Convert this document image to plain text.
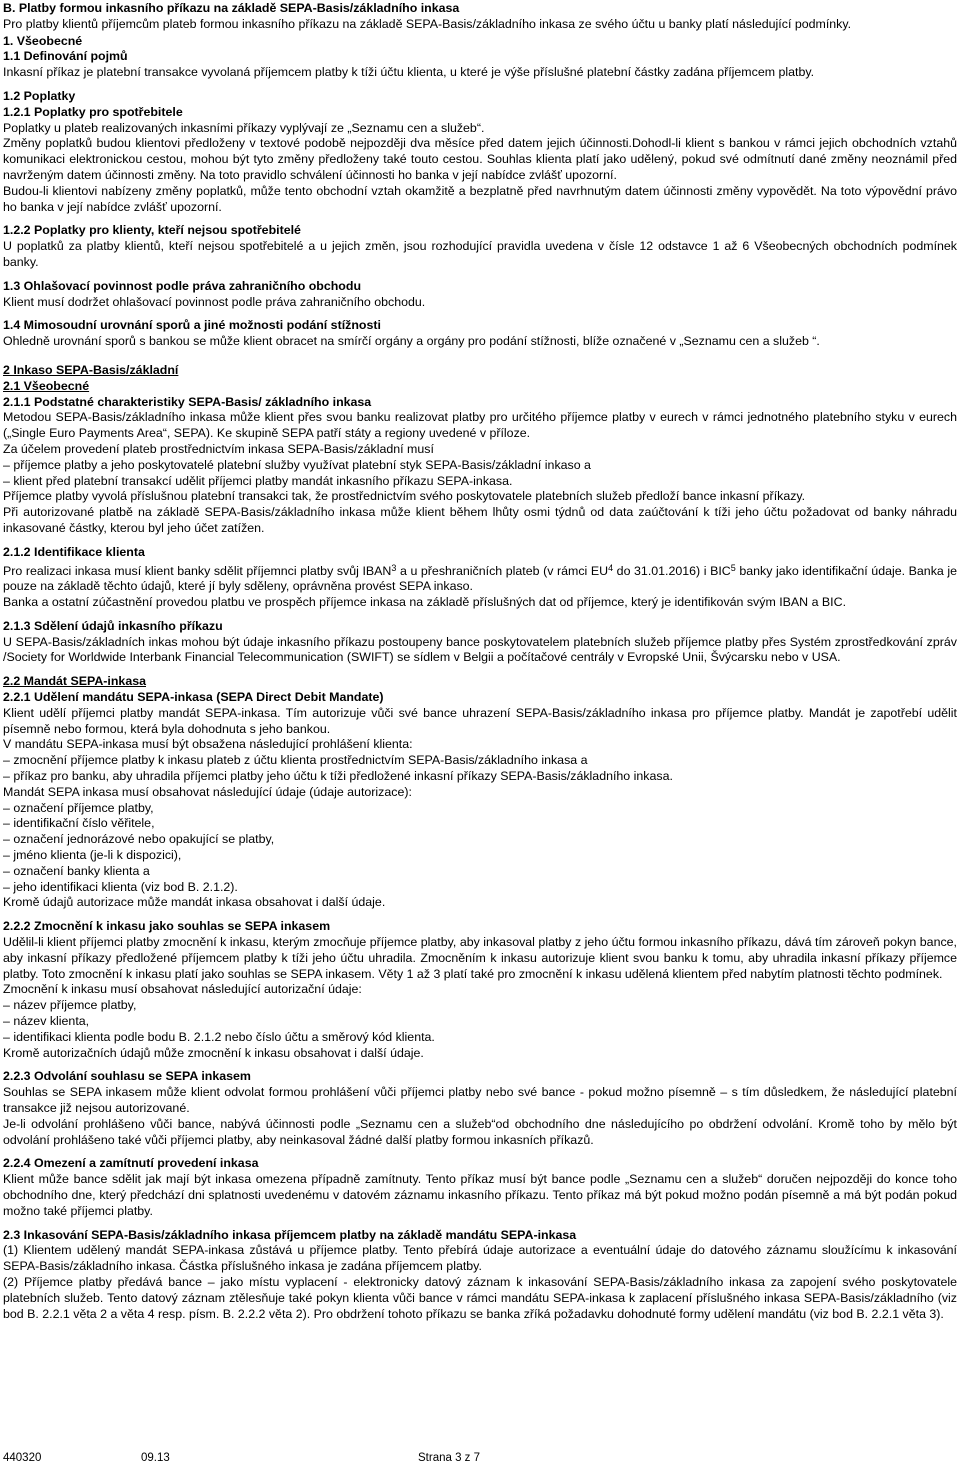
B. Platby formou inkasního příkazu na základě SEPA-Basis/základního inkasa

Pro platby klientů příjemcům plateb formou inkasního příkazu na základě SEPA-Basis/základního inkasa ze svého účtu u banky platí následující podmínky.

1. Všeobecné

1.1 Definování pojmů

Inkasní příkaz je platební transakce vyvolaná příjemcem platby k tíži účtu klienta, u které je výše příslušné platební částky zadána příjemcem platby.

1.2 Poplatky

1.2.1 Poplatky pro spotřebitele

Poplatky u plateb realizovaných inkasními příkazy vyplývají ze „Seznamu cen a služeb“.

Změny poplatků budou klientovi předloženy v textové podobě nejpozději dva měsíce před datem jejich účinnosti.Dohodl-li klient s bankou v rámci jejich obchodních vztahů komunikaci elektronickou cestou, mohou být tyto změny předloženy také touto cestou. Souhlas klienta platí jako udělený, pokud své odmítnutí dané změny neoznámil před navrženým datem účinnosti změny. Na toto pravidlo schválení účinnosti ho banka v její nabídce zvlášť upozorní.

Budou-li klientovi nabízeny změny poplatků, může tento obchodní vztah okamžitě a bezplatně před navrhnutým datem účinnosti změny vypovědět. Na toto výpovědní právo ho banka v její nabídce zvlášť upozorní.

1.2.2 Poplatky pro klienty, kteří nejsou spotřebitelé

U poplatků za platby klientů, kteří nejsou spotřebitelé a u jejich změn, jsou rozhodující pravidla uvedena v čísle 12 odstavce 1 až 6 Všeobecných obchodních podmínek banky.

1.3 Ohlašovací povinnost podle práva zahraničního obchodu

Klient musí dodržet ohlašovací povinnost podle práva zahraničního obchodu.

1.4 Mimosoudní urovnání sporů a jiné možnosti podání stížnosti

Ohledně urovnání sporů s bankou se může klient obracet na smírčí orgány a orgány pro podání stížnosti, blíže označené v „Seznamu cen a služeb “.

2 Inkaso SEPA-Basis/základní

2.1 Všeobecné

2.1.1 Podstatné charakteristiky SEPA-Basis/ základního inkasa

Metodou SEPA-Basis/základního inkasa může klient přes svou banku realizovat platby pro určitého příjemce platby v eurech v rámci jednotného platebního styku v eurech („Single Euro Payments Area“, SEPA). Ke skupině SEPA patří státy a regiony uvedené v příloze.

Za účelem provedení plateb prostřednictvím inkasa SEPA-Basis/základní musí

– příjemce platby a jeho poskytovatelé platební služby využívat platební styk SEPA-Basis/základní inkaso a

– klient před platební transakcí udělit příjemci platby mandát inkasního příkazu SEPA-inkasa.

Příjemce platby vyvolá příslušnou platební transakci tak, že prostřednictvím svého poskytovatele platebních služeb předloží bance inkasní příkazy.

Při autorizované platbě na základě SEPA-Basis/základního inkasa může klient během lhůty osmi týdnů od data zaúčtování k tíži jeho účtu požadovat od banky náhradu inkasované částky, kterou byl jeho účet zatížen.

2.1.2 Identifikace klienta

Pro realizaci inkasa musí klient banky sdělit příjemnci platby svůj IBAN$^3$ a u přeshraničních plateb (v rámci $EU^4$ do 31.01.2016) i BIC$^5$ banky jako identifikační údaje. Banka je pouze na základě těchto údajů, které jí byly sděleny, oprávněna provést SEPA inkaso.

Banka a ostatní zúčastnění provedou platbu ve prospěch příjemce inkasa na základě příslušných dat od příjemce, který je identifikován svým IBAN a BIC.

2.1.3 Sdělení údajů inkasního příkazu

U SEPA-Basis/základních inkas mohou být údaje inkasního příkazu postoupeny bance poskytovatelem platebních služeb příjemce platby přes Systém zprostředkování zpráv /Society for Worldwide Interbank Financial Telecommunication (SWIFT) se sídlem v Belgii a počítačové centrály v Evropské Unii, Švýcarsku nebo v USA.

2.2 Mandát SEPA-inkasa

2.2.1 Udělení mandátu SEPA-inkasa (SEPA Direct Debit Mandate)

Klient udělí příjemci platby mandát SEPA-inkasa. Tím autorizuje vůči své bance uhrazení SEPA-Basis/základního inkasa pro příjemce platby. Mandát je zapotřebí udělit písemně nebo formou, která byla dohodnuta s jeho bankou.

V mandátu SEPA-inkasa musí být obsažena následující prohlášení klienta:

– zmocnění příjemce platby k inkasu plateb z účtu klienta prostřednictvím SEPA-Basis/základního inkasa a

– příkaz pro banku, aby uhradila příjemci platby jeho účtu k tíži předložené inkasní příkazy SEPA-Basis/základního inkasa.

Mandát SEPA inkasa musí obsahovat následující údaje (údaje autorizace):

– označení příjemce platby,

– identifikační číslo věřitele,

– označení jednorázové nebo opakující se platby,

– jméno klienta (je-li k dispozici),

– označení banky klienta a

– jeho identifikaci klienta (viz bod B. 2.1.2).

Kromě údajů autorizace může mandát inkasa obsahovat i další údaje.

2.2.2 Zmocnění k inkasu jako souhlas se SEPA inkasem

Udělil-li klient příjemci platby zmocnění k inkasu, kterým zmocňuje příjemce platby, aby inkasoval platby z jeho účtu formou inkasního příkazu, dává tím zároveň pokyn bance, aby inkasní příkazy předložené příjemcem platby k tíži jeho účtu uhradila. Zmocněním k inkasu autorizuje klient svou banku k tomu, aby uhradila inkasní příkazy příjemce platby. Toto zmocnění k inkasu platí jako souhlas se SEPA inkasem. Věty 1 až 3 platí také pro zmocnění k inkasu udělená klientem před nabytím platnosti těchto podmínek.

Zmocnění k inkasu musí obsahovat následující autorizační údaje:

– název příjemce platby,

– název klienta,

– identifikaci klienta podle bodu B. 2.1.2 nebo číslo účtu a směrový kód klienta.

Kromě autorizačních údajů může zmocnění k inkasu obsahovat i další údaje.

2.2.3 Odvolání souhlasu se SEPA inkasem

Souhlas se SEPA inkasem může klient odvolat formou prohlášení vůči příjemci platby nebo své bance - pokud možno písemně – s tím důsledkem, že následující platební transakce již nejsou autorizované.

Je-li odvolání prohlášeno vůči bance, nabývá účinnosti podle „Seznamu cen a služeb“od obchodního dne následujícího po obdržení odvolání. Kromě toho by mělo být odvolání prohlášeno také vůči příjemci platby, aby neinkasoval žádné další platby formou inkasních příkazů.

2.2.4 Omezení a zamítnutí provedení inkasa

Klient může bance sdělit jak mají být inkasa omezena případně zamítnuty. Tento příkaz musí být bance podle „Seznamu cen a služeb“ doručen nejpozději do konce toho obchodního dne, který předchází dni splatnosti uvedenému v datovém záznamu inkasního příkazu. Tento příkaz má být pokud možno podán písemně a má být podán pokud možno také příjemci platby.

2.3 Inkasování SEPA-Basis/základního inkasa příjemcem platby na základě mandátu SEPA-inkasa

(1) Klientem udělený mandát SEPA-inkasa zůstává u příjemce platby. Tento přebírá údaje autorizace a eventuální údaje do datového záznamu sloužícímu k inkasování SEPA-Basis/základního inkasa. Částka příslušného inkasa je zadána příjemcem platby.

(2) Příjemce platby předává bance – jako místu vyplacení - elektronicky datový záznam k inkasování SEPA-Basis/základního inkasa za zapojení svého poskytovatele platebních služeb. Tento datový záznam ztělesňuje také pokyn klienta vůči bance v rámci mandátu SEPA-inkasa k zaplacení příslušného inkasa SEPA-Basis/základního (viz bod B. 2.2.1 věta 2 a věta 4 resp. písm. B. 2.2.2 věta 2). Pro obdržení tohoto příkazu se banka zříká požadavku dohodnuté formy udělení mandátu (viz bod B. 2.2.1 věta 3).

440320	09.13	Strana 3 z 7
